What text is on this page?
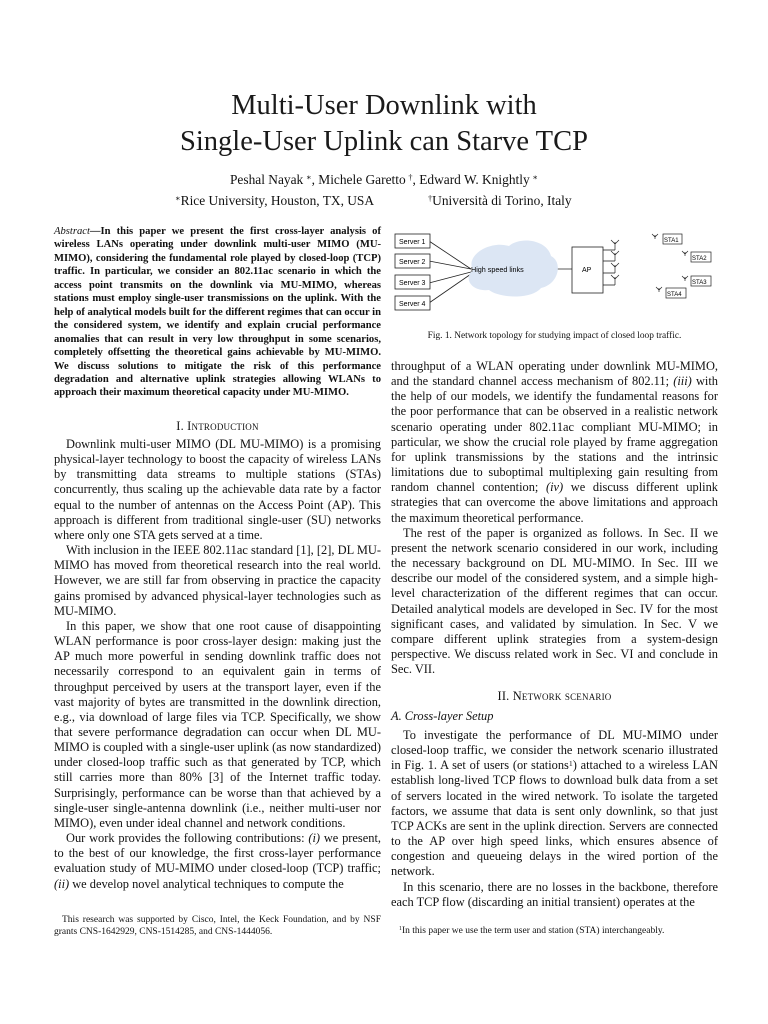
Multi-User Downlink with
Single-User Uplink can Starve TCP
Peshal Nayak  ∗, Michele Garetto  †, Edward W. Knightly  ∗
∗Rice University, Houston, TX, USA	†Università di Torino, Italy
Abstract—In this paper we present the first cross-layer analysis of wireless LANs operating under downlink multi-user MIMO (MU-MIMO), considering the fundamental role played by closed-loop (TCP) traffic. In particular, we consider an 802.11ac scenario in which the access point transmits on the downlink via MU-MIMO, whereas stations must employ single-user transmissions on the uplink. With the help of analytical models built for the different regimes that can occur in the considered system, we identify and explain crucial performance anomalies that can result in very low throughput in some scenarios, completely offsetting the theoretical gains achievable by MU-MIMO. We discuss solutions to mitigate the risk of this performance degradation and alternative uplink strategies allowing WLANs to approach their maximum theoretical capacity under MU-MIMO.
I. Introduction

Downlink multi-user MIMO (DL MU-MIMO) is a promising physical-layer technology to boost the capacity of wireless LANs by transmitting data streams to multiple stations (STAs) concurrently, thus scaling up the achievable data rate by a factor equal to the number of antennas on the Access Point (AP). This approach is different from traditional single-user (SU) networks where only one STA gets served at a time.

With inclusion in the IEEE 802.11ac standard [1], [2], DL MU-MIMO has moved from theoretical research into the real world. However, we are still far from observing in practice the capacity gains promised by advanced physical-layer technologies such as MU-MIMO.

In this paper, we show that one root cause of disappointing WLAN performance is poor cross-layer design: making just the AP much more powerful in sending downlink traffic does not necessarily correspond to an equivalent gain in terms of throughput perceived by users at the transport layer, even if the vast majority of bytes are transmitted in the downlink direction, e.g., via download of large files via TCP. Specifically, we show that severe performance degradation can occur when DL MU-MIMO is coupled with a single-user uplink (as now standardized) under closed-loop traffic such as that generated by TCP, which still carries more than 80% [3] of the Internet traffic today. Surprisingly, performance can be worse than that achieved by a single-user single-antenna downlink (i.e., neither multi-user nor MIMO), even under ideal channel and network conditions.

Our work provides the following contributions: (i) we present, to the best of our knowledge, the first cross-layer performance evaluation study of MU-MIMO under closed-loop (TCP) traffic; (ii) we develop novel analytical techniques to compute the

This research was supported by Cisco, Intel, the Keck Foundation, and by NSF grants CNS-1642929, CNS-1514285, and CNS-1444056.
High speed links
Server 1
Server 2
Server 3
Server 4
AP
STA1
STA2
STA3
STA4
Fig. 1. Network topology for studying impact of closed loop traffic.

throughput of a WLAN operating under downlink MU-MIMO, and the standard channel access mechanism of 802.11; (iii) with the help of our models, we identify the fundamental reasons for the poor performance that can be observed in a realistic network scenario operating under 802.11ac compliant MU-MIMO; in particular, we show the crucial role played by frame aggregation for uplink transmissions by the stations and the intrinsic limitations due to suboptimal multiplexing gain resulting from random channel contention; (iv) we discuss different uplink strategies that can overcome the above limitations and approach the maximum theoretical performance.

The rest of the paper is organized as follows. In Sec. II we present the network scenario considered in our work, including the necessary background on DL MU-MIMO. In Sec. III we describe our model of the considered system, and a simple high-level characterization of the different regimes that can occur. Detailed analytical models are developed in Sec. IV for the most significant cases, and validated by simulation. In Sec. V we compare different uplink strategies from a system-design perspective. We discuss related work in Sec. VI and conclude in Sec. VII.

II. Network scenario
A. Cross-layer Setup

To investigate the performance of DL MU-MIMO under closed-loop traffic, we consider the network scenario illustrated in Fig. 1. A set of users (or stations$^1$) attached to a wireless LAN establish long-lived TCP flows to download bulk data from a set of servers located in the wired network. To isolate the targeted factors, we assume that data is sent only downlink, so that just TCP ACKs are sent in the uplink direction. Servers are connected to the AP over high speed links, which ensures absence of congestion and queueing delays in the wired portion of the network.

In this scenario, there are no losses in the backbone, therefore each TCP flow (discarding an initial transient) operates at the

$^1$In this paper we use the term user and station (STA) interchangeably.
